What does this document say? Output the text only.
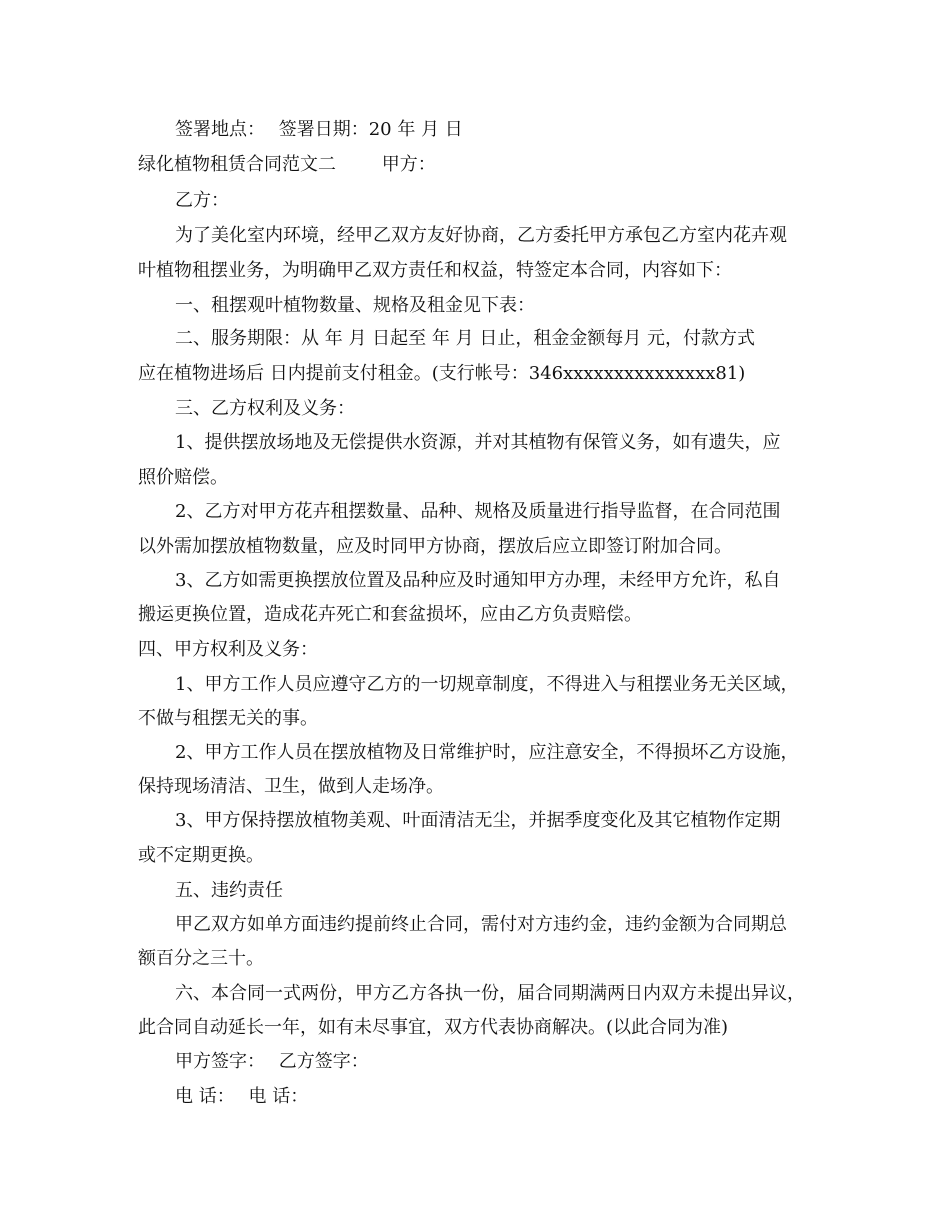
签署地点： 签署日期：20 年 月 日

绿化植物租赁合同范文二	甲方：

乙方：

为了美化室内环境，经甲乙双方友好协商，乙方委托甲方承包乙方室内花卉观

叶植物租摆业务，为明确甲乙双方责任和权益，特签定本合同，内容如下：

一、租摆观叶植物数量、规格及租金见下表：

二、服务期限：从 年 月 日起至 年 月 日止，租金金额每月 元，付款方式

应在植物进场后 日内提前支付租金。(支行帐号：346xxxxxxxxxxxxxxx81)

三、乙方权利及义务：

1、提供摆放场地及无偿提供水资源，并对其植物有保管义务，如有遗失，应

照价赔偿。

2、乙方对甲方花卉租摆数量、品种、规格及质量进行指导监督，在合同范围

以外需加摆放植物数量，应及时同甲方协商，摆放后应立即签订附加合同。

3、乙方如需更换摆放位置及品种应及时通知甲方办理，未经甲方允许，私自

搬运更换位置，造成花卉死亡和套盆损坏，应由乙方负责赔偿。

四、甲方权利及义务：

1、甲方工作人员应遵守乙方的一切规章制度，不得进入与租摆业务无关区域，

不做与租摆无关的事。

2、甲方工作人员在摆放植物及日常维护时，应注意安全，不得损坏乙方设施，

保持现场清洁、卫生，做到人走场净。

3、甲方保持摆放植物美观、叶面清洁无尘，并据季度变化及其它植物作定期

或不定期更换。

五、违约责任

甲乙双方如单方面违约提前终止合同，需付对方违约金，违约金额为合同期总

额百分之三十。

六、本合同一式两份，甲方乙方各执一份，届合同期满两日内双方未提出异议，

此合同自动延长一年，如有未尽事宜，双方代表协商解决。(以此合同为准)

甲方签字： 乙方签字：

电 话： 电 话：
